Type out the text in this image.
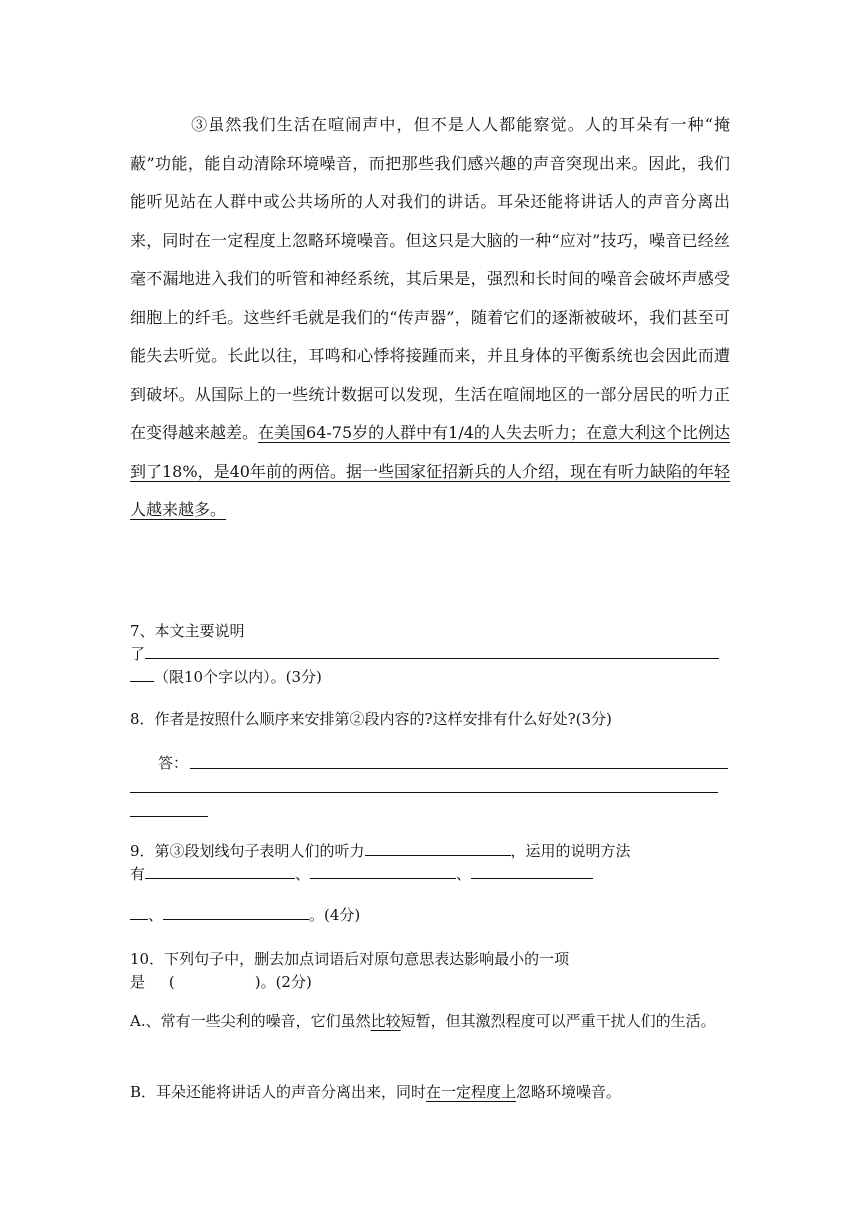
③虽然我们生活在喧闹声中，但不是人人都能察觉。人的耳朵有一种“掩蔽”功能，能自动清除环境噪音，而把那些我们感兴趣的声音突现出来。因此，我们能听见站在人群中或公共场所的人对我们的讲话。耳朵还能将讲话人的声音分离出来，同时在一定程度上忽略环境噪音。但这只是大脑的一种“应对”技巧，噪音已经丝毫不漏地进入我们的听管和神经系统，其后果是，强烈和长时间的噪音会破坏声感受细胞上的纤毛。这些纤毛就是我们的“传声器”，随着它们的逐渐被破坏，我们甚至可能失去听觉。长此以往，耳鸣和心悸将接踵而来，并且身体的平衡系统也会因此而遭到破坏。从国际上的一些统计数据可以发现，生活在喧闹地区的一部分居民的听力正在变得越来越差。在美国64-75岁的人群中有1/4的人失去听力；在意大利这个比例达到了18%，是40年前的两倍。据一些国家征招新兵的人介绍，现在有听力缺陷的年轻人越来越多。
7、本文主要说明
了
（限10个字以内）。(3分)
8．作者是按照什么顺序来安排第②段内容的?这样安排有什么好处?(3分)
答：
9．第③段划线句子表明人们的听力	，运用的说明方法
有	、	、
、	。(4分)
10．下列句子中，删去加点词语后对原句意思表达影响最小的一项
是 (	)。(2分)
A.、常有一些尖利的噪音，它们虽然比较短暂，但其激烈程度可以严重干扰人们的生活。
B．耳朵还能将讲话人的声音分离出来，同时在一定程度上忽略环境噪音。
